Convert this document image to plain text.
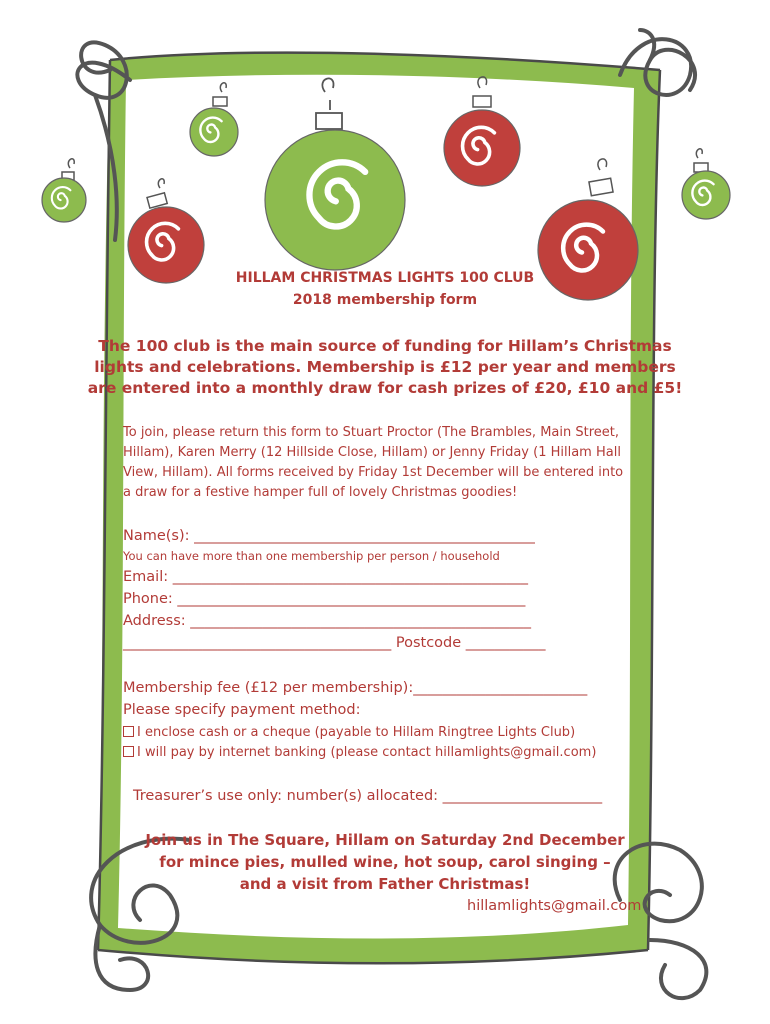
HILLAM CHRISTMAS LIGHTS 100 CLUB
2018 membership form
The 100 club is the main source of funding for Hillam’s Christmas
lights and celebrations. Membership is £12 per year and members
are entered into a monthly draw for cash prizes of £20, £10 and £5!
To join, please return this form to Stuart Proctor (The Brambles, Main Street,
Hillam), Karen Merry (12 Hillside Close, Hillam) or Jenny Friday (1 Hillam Hall
View, Hillam). All forms received by Friday 1st December will be entered into
a draw for a festive hamper full of lovely Christmas goodies!
Name(s): _______________________________________________
You can have more than one membership per person / household
Email: _________________________________________________
Phone: ________________________________________________
Address: _______________________________________________
_____________________________________ Postcode ___________
Membership fee (£12 per membership):________________________
Please specify payment method:
I enclose cash or a cheque (payable to Hillam Ringtree Lights Club)
I will pay by internet banking (please contact hillamlights@gmail.com)
Treasurer’s use only: number(s) allocated: ______________________
Join us in The Square, Hillam on Saturday 2nd December
for mince pies, mulled wine, hot soup, carol singing –
and a visit from Father Christmas!
hillamlights@gmail.com
